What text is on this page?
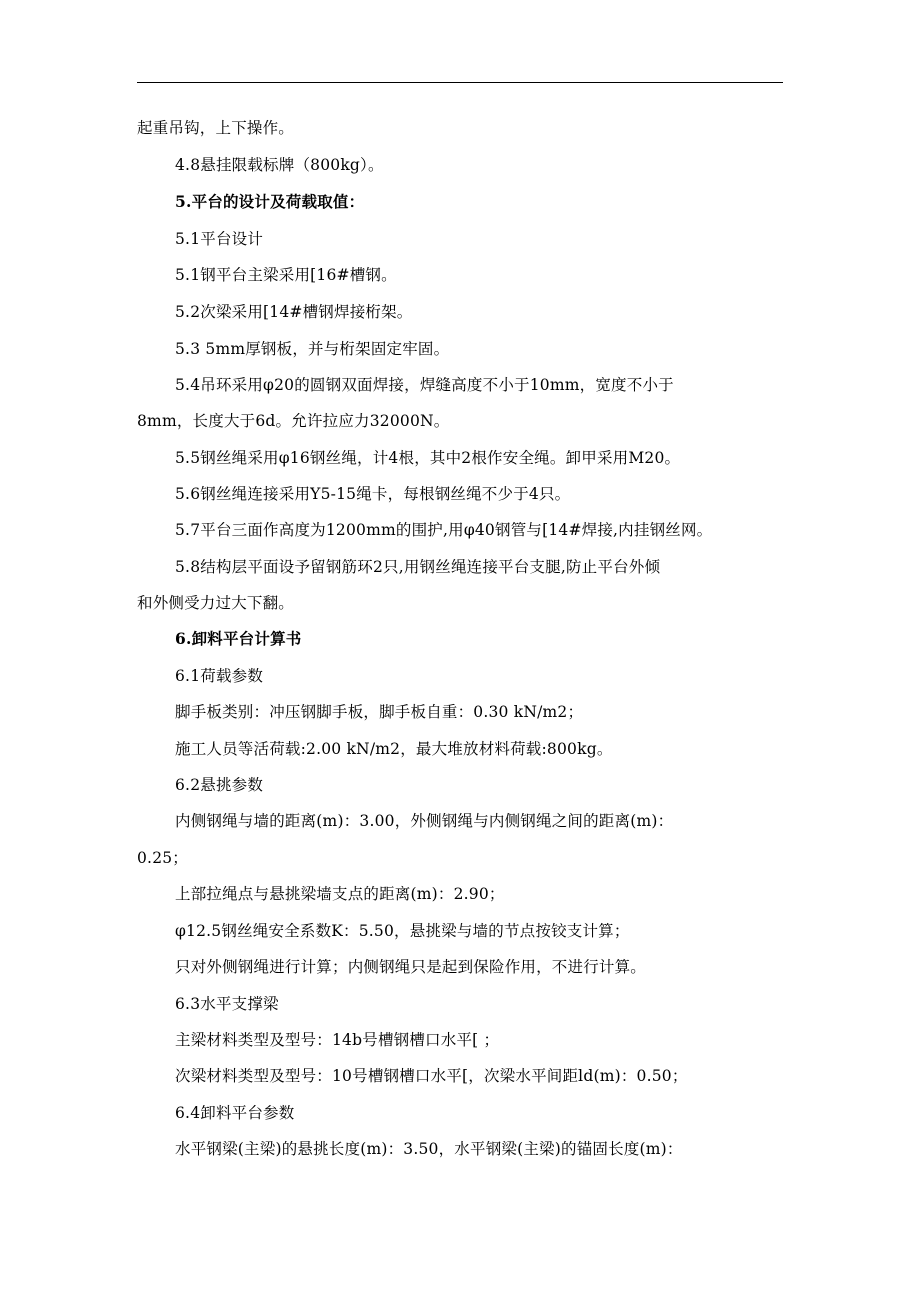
起重吊钩，上下操作。
4.8悬挂限载标牌（800kg）。
5.平台的设计及荷载取值：
5.1平台设计
5.1钢平台主梁采用[16#槽钢。
5.2次梁采用[14#槽钢焊接桁架。
5.3 5mm厚钢板，并与桁架固定牢固。
5.4吊环采用φ20的圆钢双面焊接，焊缝高度不小于10mm，宽度不小于
8mm，长度大于6d。允许拉应力32000N。
5.5钢丝绳采用φ16钢丝绳，计4根，其中2根作安全绳。卸甲采用M20。
5.6钢丝绳连接采用Y5-15绳卡，每根钢丝绳不少于4只。
5.7平台三面作高度为1200mm的围护,用φ40钢管与[14#焊接,内挂钢丝网。
5.8结构层平面设予留钢筋环2只,用钢丝绳连接平台支腿,防止平台外倾
和外侧受力过大下翻。
6.卸料平台计算书
6.1荷载参数
脚手板类别：冲压钢脚手板，脚手板自重：0.30 kN/m2；
施工人员等活荷载:2.00 kN/m2，最大堆放材料荷载:800kg。
6.2悬挑参数
内侧钢绳与墙的距离(m)：3.00，外侧钢绳与内侧钢绳之间的距离(m)：
0.25；
上部拉绳点与悬挑梁墙支点的距离(m)：2.90；
φ12.5钢丝绳安全系数K：5.50，悬挑梁与墙的节点按铰支计算；
只对外侧钢绳进行计算；内侧钢绳只是起到保险作用，不进行计算。
6.3水平支撑梁
主梁材料类型及型号：14b号槽钢槽口水平[ ；
次梁材料类型及型号：10号槽钢槽口水平[，次梁水平间距ld(m)：0.50；
6.4卸料平台参数
水平钢梁(主梁)的悬挑长度(m)：3.50，水平钢梁(主梁)的锚固长度(m)：
